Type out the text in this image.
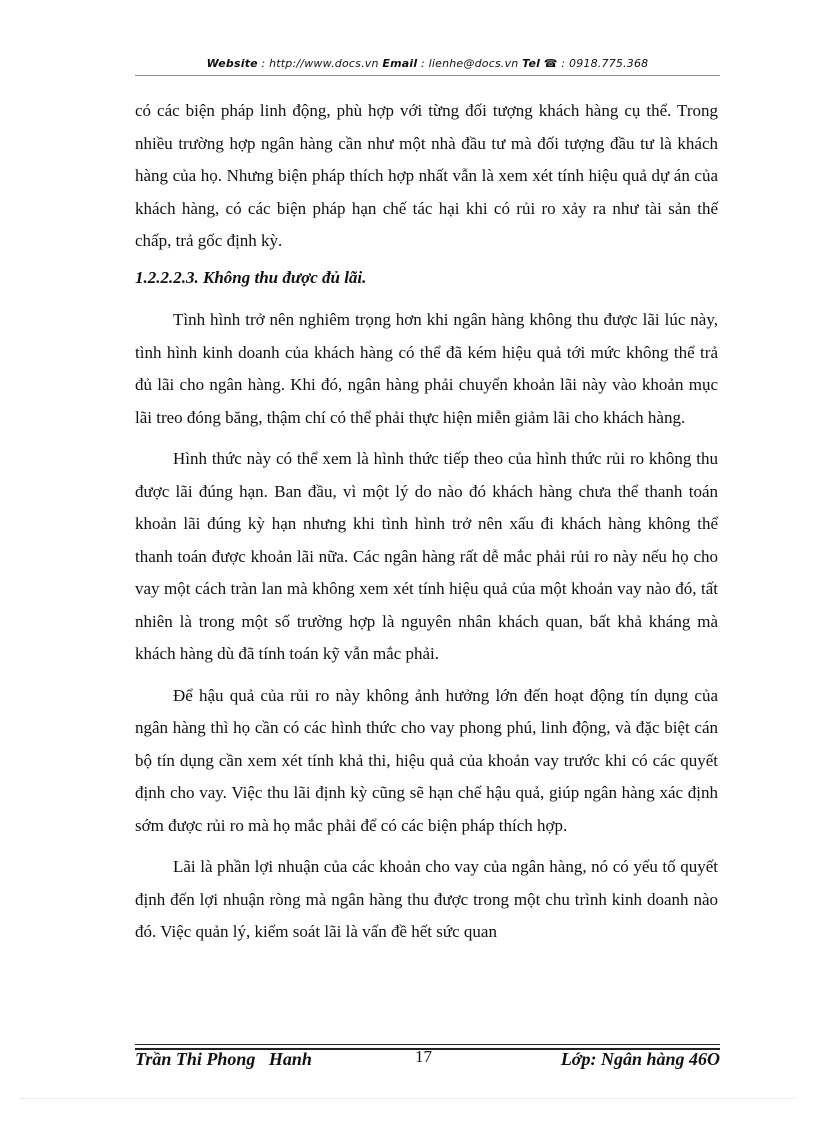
Website : http://www.docs.vn Email : lienhe@docs.vn Tel ☎ : 0918.775.368

có các biện pháp linh động, phù hợp với từng đối tượng khách hàng cụ thể. Trong nhiều trường hợp ngân hàng cần như một nhà đầu tư mà đối tượng đầu tư là khách hàng của họ. Nhưng biện pháp thích hợp nhất vẫn là xem xét tính hiệu quả dự án của khách hàng, có các biện pháp hạn chế tác hại khi có rủi ro xảy ra như tài sản thế chấp, trả gốc định kỳ.

1.2.2.2.3. Không thu được đủ lãi.

Tình hình trở nên nghiêm trọng hơn khi ngân hàng không thu được lãi lúc này, tình hình kinh doanh của khách hàng có thể đã kém hiệu quả tới mức không thể trả đủ lãi cho ngân hàng. Khi đó, ngân hàng phải chuyển khoản lãi này vào khoản mục lãi treo đóng băng, thậm chí có thể phải thực hiện miễn giảm lãi cho khách hàng.

Hình thức này có thể xem là hình thức tiếp theo của hình thức rủi ro không thu được lãi đúng hạn. Ban đầu, vì một lý do nào đó khách hàng chưa thể thanh toán khoản lãi đúng kỳ hạn nhưng khi tình hình trở nên xấu đi khách hàng không thể thanh toán được khoản lãi nữa. Các ngân hàng rất dễ mắc phải rủi ro này nếu họ cho vay một cách tràn lan mà không xem xét tính hiệu quả của một khoản vay nào đó, tất nhiên là trong một số trường hợp là nguyên nhân khách quan, bất khả kháng mà khách hàng dù đã tính toán kỹ vẫn mắc phải.

Để hậu quả của rủi ro này không ảnh hưởng lớn đến hoạt động tín dụng của ngân hàng thì họ cần có các hình thức cho vay phong phú, linh động, và đặc biệt cán bộ tín dụng cần xem xét tính khả thi, hiệu quả của khoản vay trước khi có các quyết định cho vay. Việc thu lãi định kỳ cũng sẽ hạn chế hậu quả, giúp ngân hàng xác định sớm được rủi ro mà họ mắc phải để có các biện pháp thích hợp.

Lãi là phần lợi nhuận của các khoản cho vay của ngân hàng, nó có yếu tố quyết định đến lợi nhuận ròng mà ngân hàng thu được trong một chu trình kinh doanh nào đó. Việc quản lý, kiểm soát lãi là vấn đề hết sức quan

Trần Thi Phong   Hanh	17	Lớp: Ngân hàng 46O
